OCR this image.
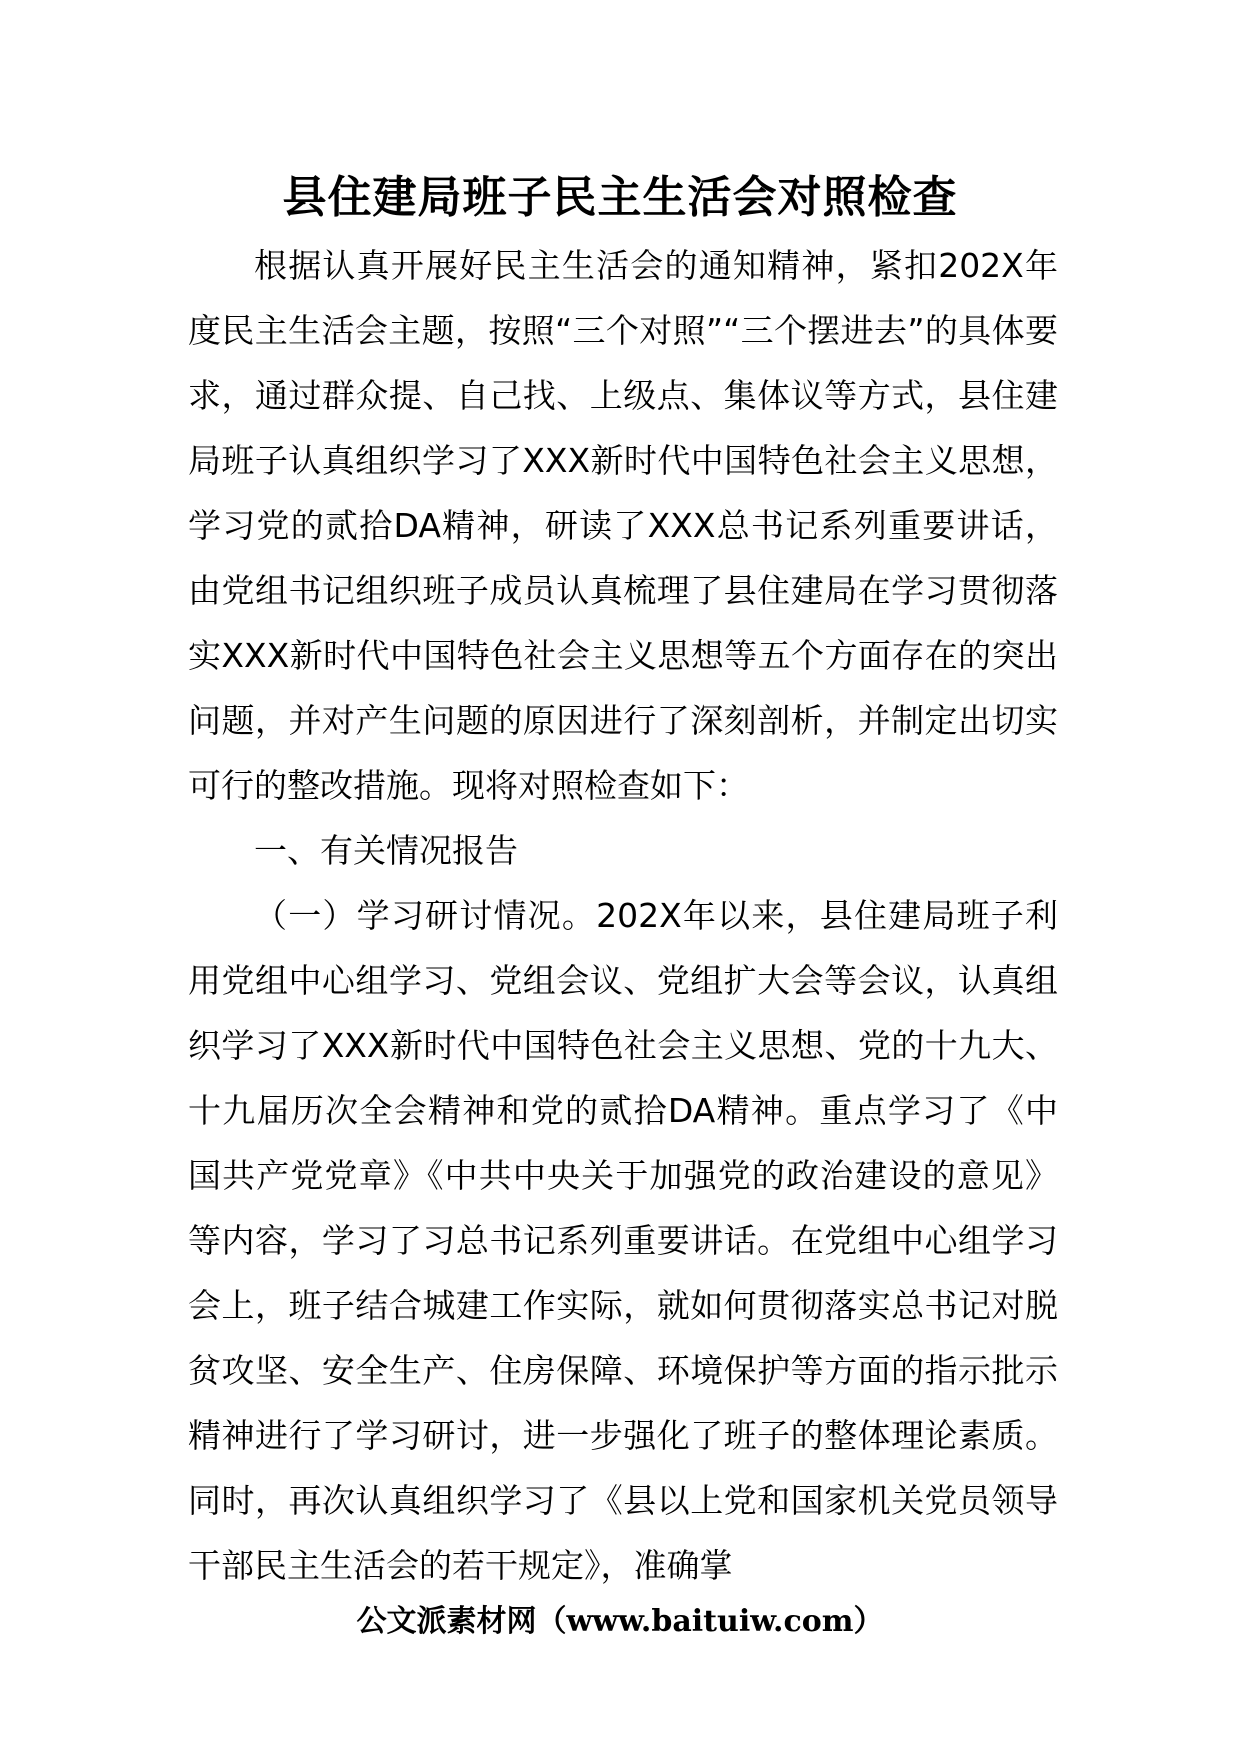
县住建局班子民主生活会对照检查

根据认真开展好民主生活会的通知精神，紧扣202X年度民主生活会主题，按照“三个对照”“三个摆进去”的具体要求，通过群众提、自己找、上级点、集体议等方式，县住建局班子认真组织学习了XXX新时代中国特色社会主义思想，学习党的贰拾DA精神，研读了XXX总书记系列重要讲话，由党组书记组织班子成员认真梳理了县住建局在学习贯彻落实XXX新时代中国特色社会主义思想等五个方面存在的突出问题，并对产生问题的原因进行了深刻剖析，并制定出切实可行的整改措施。现将对照检查如下：

一、有关情况报告

（一）学习研讨情况。202X年以来，县住建局班子利用党组中心组学习、党组会议、党组扩大会等会议，认真组织学习了XXX新时代中国特色社会主义思想、党的十九大、十九届历次全会精神和党的贰拾DA精神。重点学习了《中国共产党党章》《中共中央关于加强党的政治建设的意见》等内容，学习了习总书记系列重要讲话。在党组中心组学习会上，班子结合城建工作实际，就如何贯彻落实总书记对脱贫攻坚、安全生产、住房保障、环境保护等方面的指示批示精神进行了学习研讨，进一步强化了班子的整体理论素质。同时，再次认真组织学习了《县以上党和国家机关党员领导干部民主生活会的若干规定》，准确掌

公文派素材网（www.baituiw.com）
